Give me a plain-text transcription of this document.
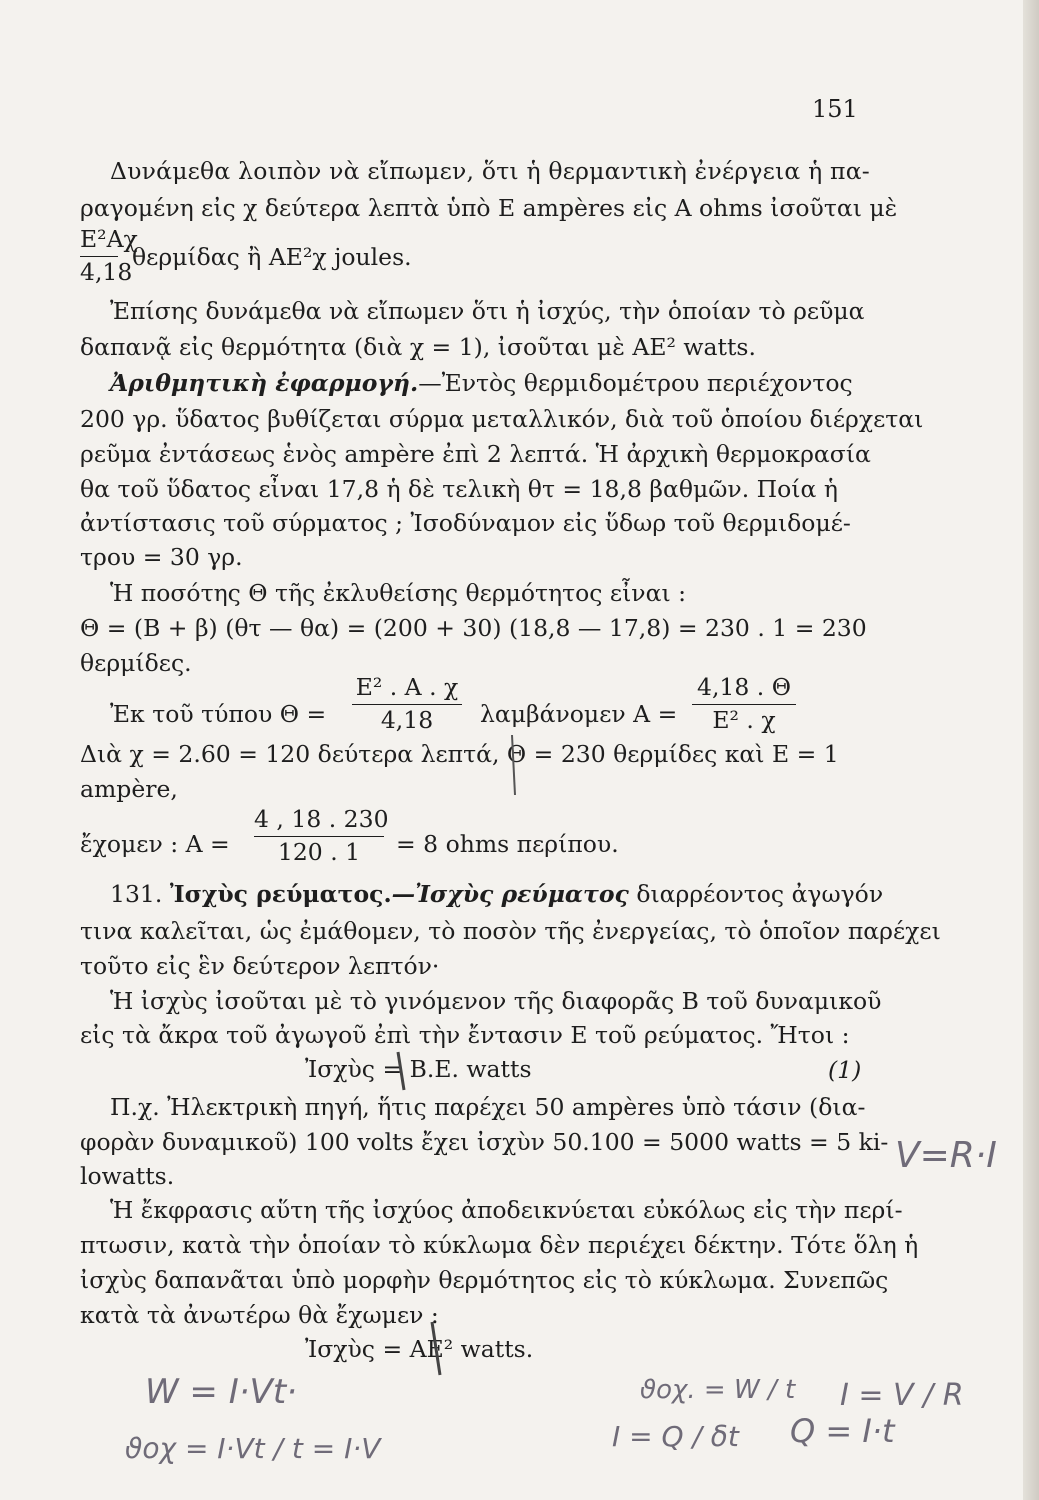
151
Δυνάμεθα λοιπὸν νὰ εἴπωμεν, ὅτι ἡ θερμαντικὴ ἐνέργεια ἡ πα-
ραγομένη εἰς χ δεύτερα λεπτὰ ὑπὸ Ε ampères εἰς Α ohms ἰσοῦται μὲ
Ε²Αχ
4,18
θερμίδας ἢ ΑΕ²χ joules.
Ἐπίσης δυνάμεθα νὰ εἴπωμεν ὅτι ἡ ἰσχύς, τὴν ὁποίαν τὸ ρεῦμα
δαπανᾷ εἰς θερμότητα (διὰ χ = 1), ἰσοῦται μὲ ΑΕ² watts.
Ἀριθμητικὴ ἐφαρμογή.—Ἐντὸς θερμιδομέτρου περιέχοντος
200 γρ. ὕδατος βυθίζεται σύρμα μεταλλικόν, διὰ τοῦ ὁποίου διέρχεται
ρεῦμα ἐντάσεως ἑνὸς ampère ἐπὶ 2 λεπτά. Ἡ ἀρχικὴ θερμοκρασία
θα τοῦ ὕδατος εἶναι 17,8 ἡ δὲ τελικὴ θτ = 18,8 βαθμῶν. Ποία ἡ
ἀντίστασις τοῦ σύρματος ; Ἰσοδύναμον εἰς ὕδωρ τοῦ θερμιδομέ-
τρου = 30 γρ.
Ἡ ποσότης Θ τῆς ἐκλυθείσης θερμότητος εἶναι :
Θ = (Β + β) (θτ — θα) = (200 + 30) (18,8 — 17,8) = 230 . 1 = 230
θερμίδες.
Ἐκ τοῦ τύπου Θ =
Ε² . Α . χ
4,18	λαμβάνομεν Α =
4,18 . Θ
Ε² . χ
Διὰ χ = 2.60 = 120 δεύτερα λεπτά, Θ = 230 θερμίδες καὶ Ε = 1
ampère,
ἔχομεν : Α =
4 , 18 . 230
120 . 1	= 8 ohms περίπου.
131. Ἰσχὺς ρεύματος.—Ἰσχὺς ρεύματος διαρρέοντος ἀγωγόν
τινα καλεῖται, ὡς ἐμάθομεν, τὸ ποσὸν τῆς ἐνεργείας, τὸ ὁποῖον παρέχει
τοῦτο εἰς ἓν δεύτερον λεπτόν·
Ἡ ἰσχὺς ἰσοῦται μὲ τὸ γινόμενον τῆς διαφορᾶς Β τοῦ δυναμικοῦ
εἰς τὰ ἄκρα τοῦ ἀγωγοῦ ἐπὶ τὴν ἔντασιν Ε τοῦ ρεύματος. Ἤτοι :
Ἰσχὺς = Β.Ε. watts	(1)
Π.χ. Ἠλεκτρικὴ πηγή, ἥτις παρέχει 50 ampères ὑπὸ τάσιν (δια-
φορὰν δυναμικοῦ) 100 volts ἔχει ἰσχὺν 50.100 = 5000 watts = 5 ki-
lowatts.
Ἡ ἔκφρασις αὕτη τῆς ἰσχύος ἀποδεικνύεται εὐκόλως εἰς τὴν περί-
πτωσιν, κατὰ τὴν ὁποίαν τὸ κύκλωμα δὲν περιέχει δέκτην. Τότε ὅλη ἡ
ἰσχὺς δαπανᾶται ὑπὸ μορφὴν θερμότητος εἰς τὸ κύκλωμα. Συνεπῶς
κατὰ τὰ ἀνωτέρω θὰ ἔχωμεν :
Ἰσχὺς = ΑΕ² watts.
V=R·I
ϑοχ. = W / t I = V / R
W = I·Vt·
ϑοχ = I·Vt / t = I·V	I = Q / δt Q = I·t
